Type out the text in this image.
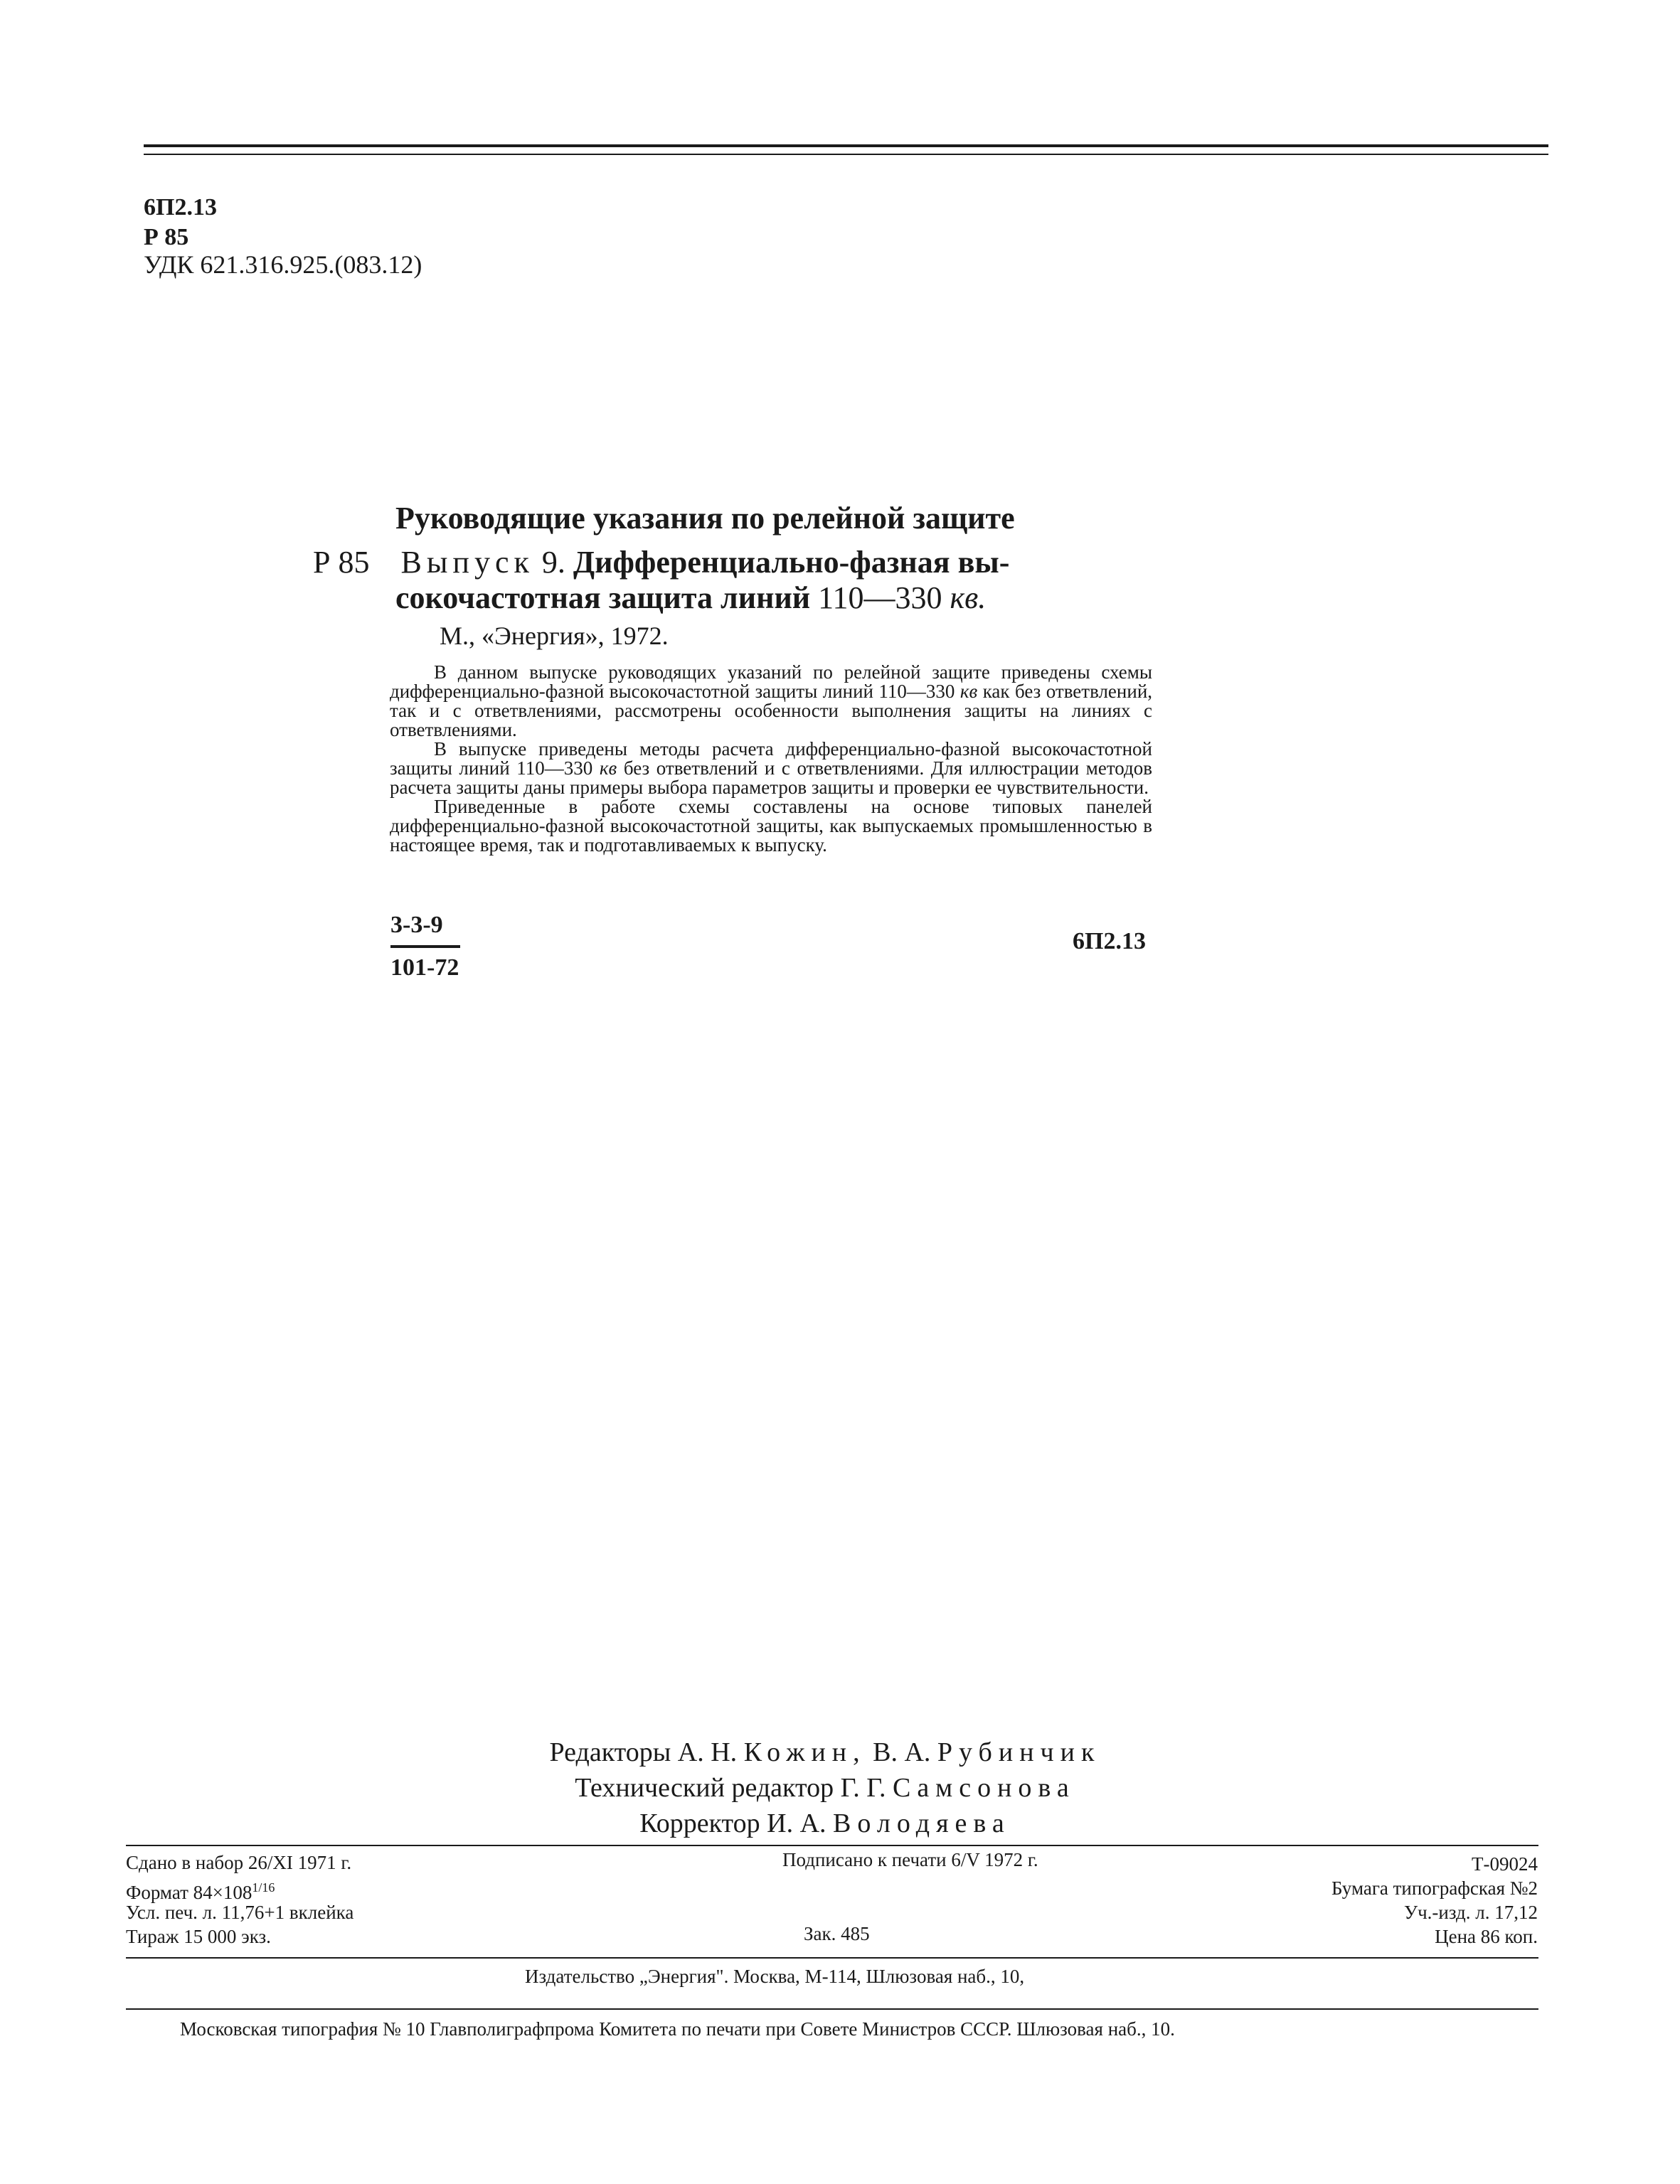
6П2.13
Р 85
УДК 621.316.925.(083.12)
Руководящие указания по релейной защите
Р 85 Выпуск 9. Дифференциально-фазная вы-
сокочастотная защита линий 110—330 кв.
М., «Энергия», 1972.

В данном выпуске руководящих указаний по релейной защите приведены схемы дифференциально-фазной высокочастотной защиты линий 110—330 кв как без ответвлений, так и с ответвлениями, рассмотрены особенности выполнения защиты на линиях с ответвлениями.

В выпуске приведены методы расчета дифференциально-фазной высокочастотной защиты линий 110—330 кв без ответвлений и с ответвлениями. Для иллюстрации методов расчета защиты даны примеры выбора параметров защиты и проверки ее чувствительности.

Приведенные в работе схемы составлены на основе типовых панелей дифференциально-фазной высокочастотной защиты, как выпускаемых промышленностью в настоящее время, так и подготавливаемых к выпуску.

3-3-9
101-72
6П2.13
Редакторы А. Н. Кожин, В. А. Рубинчик
Технический редактор Г. Г. Самсонова
Корректор И. А. Володяева
Сдано в набор 26/XI 1971 г.	Подписано к печати 6/V 1972 г.	Т-09024
Формат $84\times 108^{1/16}$	Бумага типографская №2
Усл. печ. л. 11,76+1 вклейка	Уч.-изд. л. 17,12
Тираж 15 000 экз.	Зак. 485	Цена 86 коп.
Издательство „Энергия". Москва, М-114, Шлюзовая наб., 10,
Московская типография № 10 Главполиграфпрома Комитета по печати при Совете Министров СССР. Шлюзовая наб., 10.
